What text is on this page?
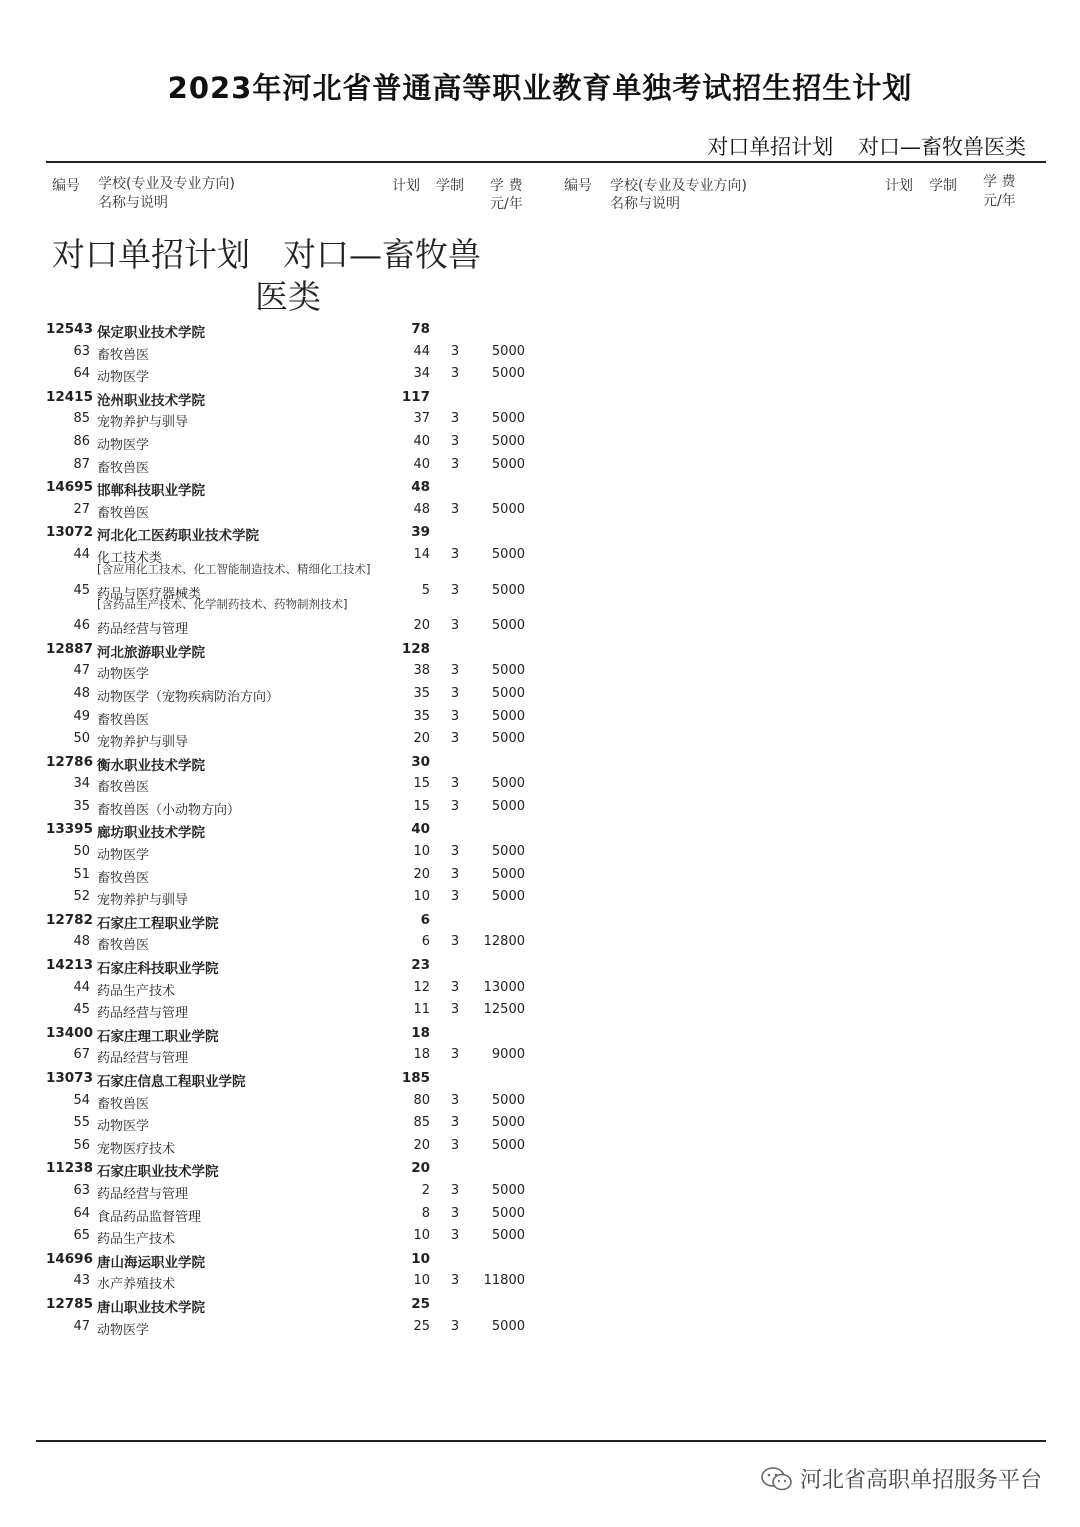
2023年河北省普通高等职业教育单独考试招生招生计划
对口单招计划 对口—畜牧兽医类
编号 学校(专业及专业方向)
名称与说明
计划 学制 学 费
元/年
编号 学校(专业及专业方向)
名称与说明
计划 学制 学 费
元/年
对口单招计划　对口—畜牧兽
医类
12543 保定职业技术学院	78
63 畜牧兽医	44 3	5000
64 动物医学	34 3	5000
12415 沧州职业技术学院	117
85 宠物养护与驯导	37 3	5000
86 动物医学	40 3	5000
87 畜牧兽医	40 3	5000
14695 邯郸科技职业学院	48
27 畜牧兽医	48 3	5000
13072 河北化工医药职业技术学院	39
44 化工技术类	14 3	5000
[含应用化工技术、化工智能制造技术、精细化工技术]
45 药品与医疗器械类	5 3	5000
[含药品生产技术、化学制药技术、药物制剂技术]
46 药品经营与管理	20 3	5000
12887 河北旅游职业学院	128
47 动物医学	38 3	5000
48 动物医学（宠物疾病防治方向）	35 3	5000
49 畜牧兽医	35 3	5000
50 宠物养护与驯导	20 3	5000
12786 衡水职业技术学院	30
34 畜牧兽医	15 3	5000
35 畜牧兽医（小动物方向）	15 3	5000
13395 廊坊职业技术学院	40
50 动物医学	10 3	5000
51 畜牧兽医	20 3	5000
52 宠物养护与驯导	10 3	5000
12782 石家庄工程职业学院	6
48 畜牧兽医	6 3 12800
14213 石家庄科技职业学院	23
44 药品生产技术	12 3 13000
45 药品经营与管理	11 3 12500
13400 石家庄理工职业学院	18
67 药品经营与管理	18 3	9000
13073 石家庄信息工程职业学院	185
54 畜牧兽医	80 3	5000
55 动物医学	85 3	5000
56 宠物医疗技术	20 3	5000
11238 石家庄职业技术学院	20
63 药品经营与管理	2 3	5000
64 食品药品监督管理	8 3	5000
65 药品生产技术	10 3	5000
14696 唐山海运职业学院	10
43 水产养殖技术	10 3 11800
12785 唐山职业技术学院	25
47 动物医学	25 3	5000
河北省高职单招服务平台
